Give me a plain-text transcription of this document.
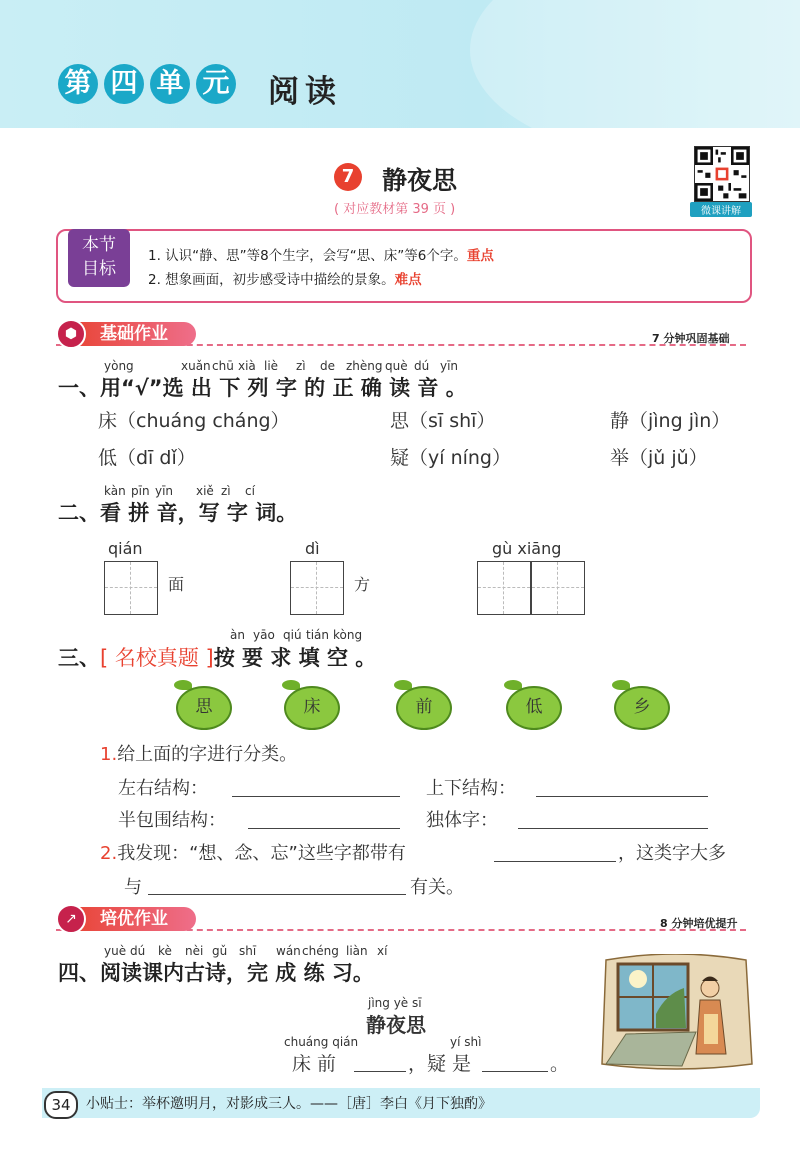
第 四 单 元 阅读
7	静夜思
( 对应教材第 39 页 )	微课讲解
本节
目标
1. 认识“静、思”等8个生字，会写“思、床”等6个字。重点
2. 想象画面，初步感受诗中描绘的景象。难点
基础作业
⬢	7 分钟巩固基础
yòng	xuǎn chū xià liè zì de zhèng què dú yīn
一、用“√”选 出 下 列 字 的 正 确 读 音 。
床（chuáng cháng）	思（sī shī）	静（jìng jìn）
低（dī dǐ）	疑（yí níng）	举（jǔ jǔ）
kàn pīn yīn xiě zì cí
二、看 拼 音，写 字 词。
qián
面
dì
方
gù xiāng
àn yāo qiú tián kòng
三、[ 名校真题 ]按 要 求 填 空 。
思	床	前	低	乡
1.给上面的字进行分类。
左右结构：	上下结构：
半包围结构：	独体字：
2.我发现：“想、念、忘”这些字都带有	，这类字大多
与	有关。
培优作业
↗	8 分钟培优提升
yuè dú kè nèi gǔ shī wán chéng liàn xí
四、阅读课内古诗，完 成 练 习。
jìng yè sī
静夜思
chuáng qián	yí shì
床 前	，疑 是	。
34	小贴士：举杯邀明月，对影成三人。——［唐］李白《月下独酌》
